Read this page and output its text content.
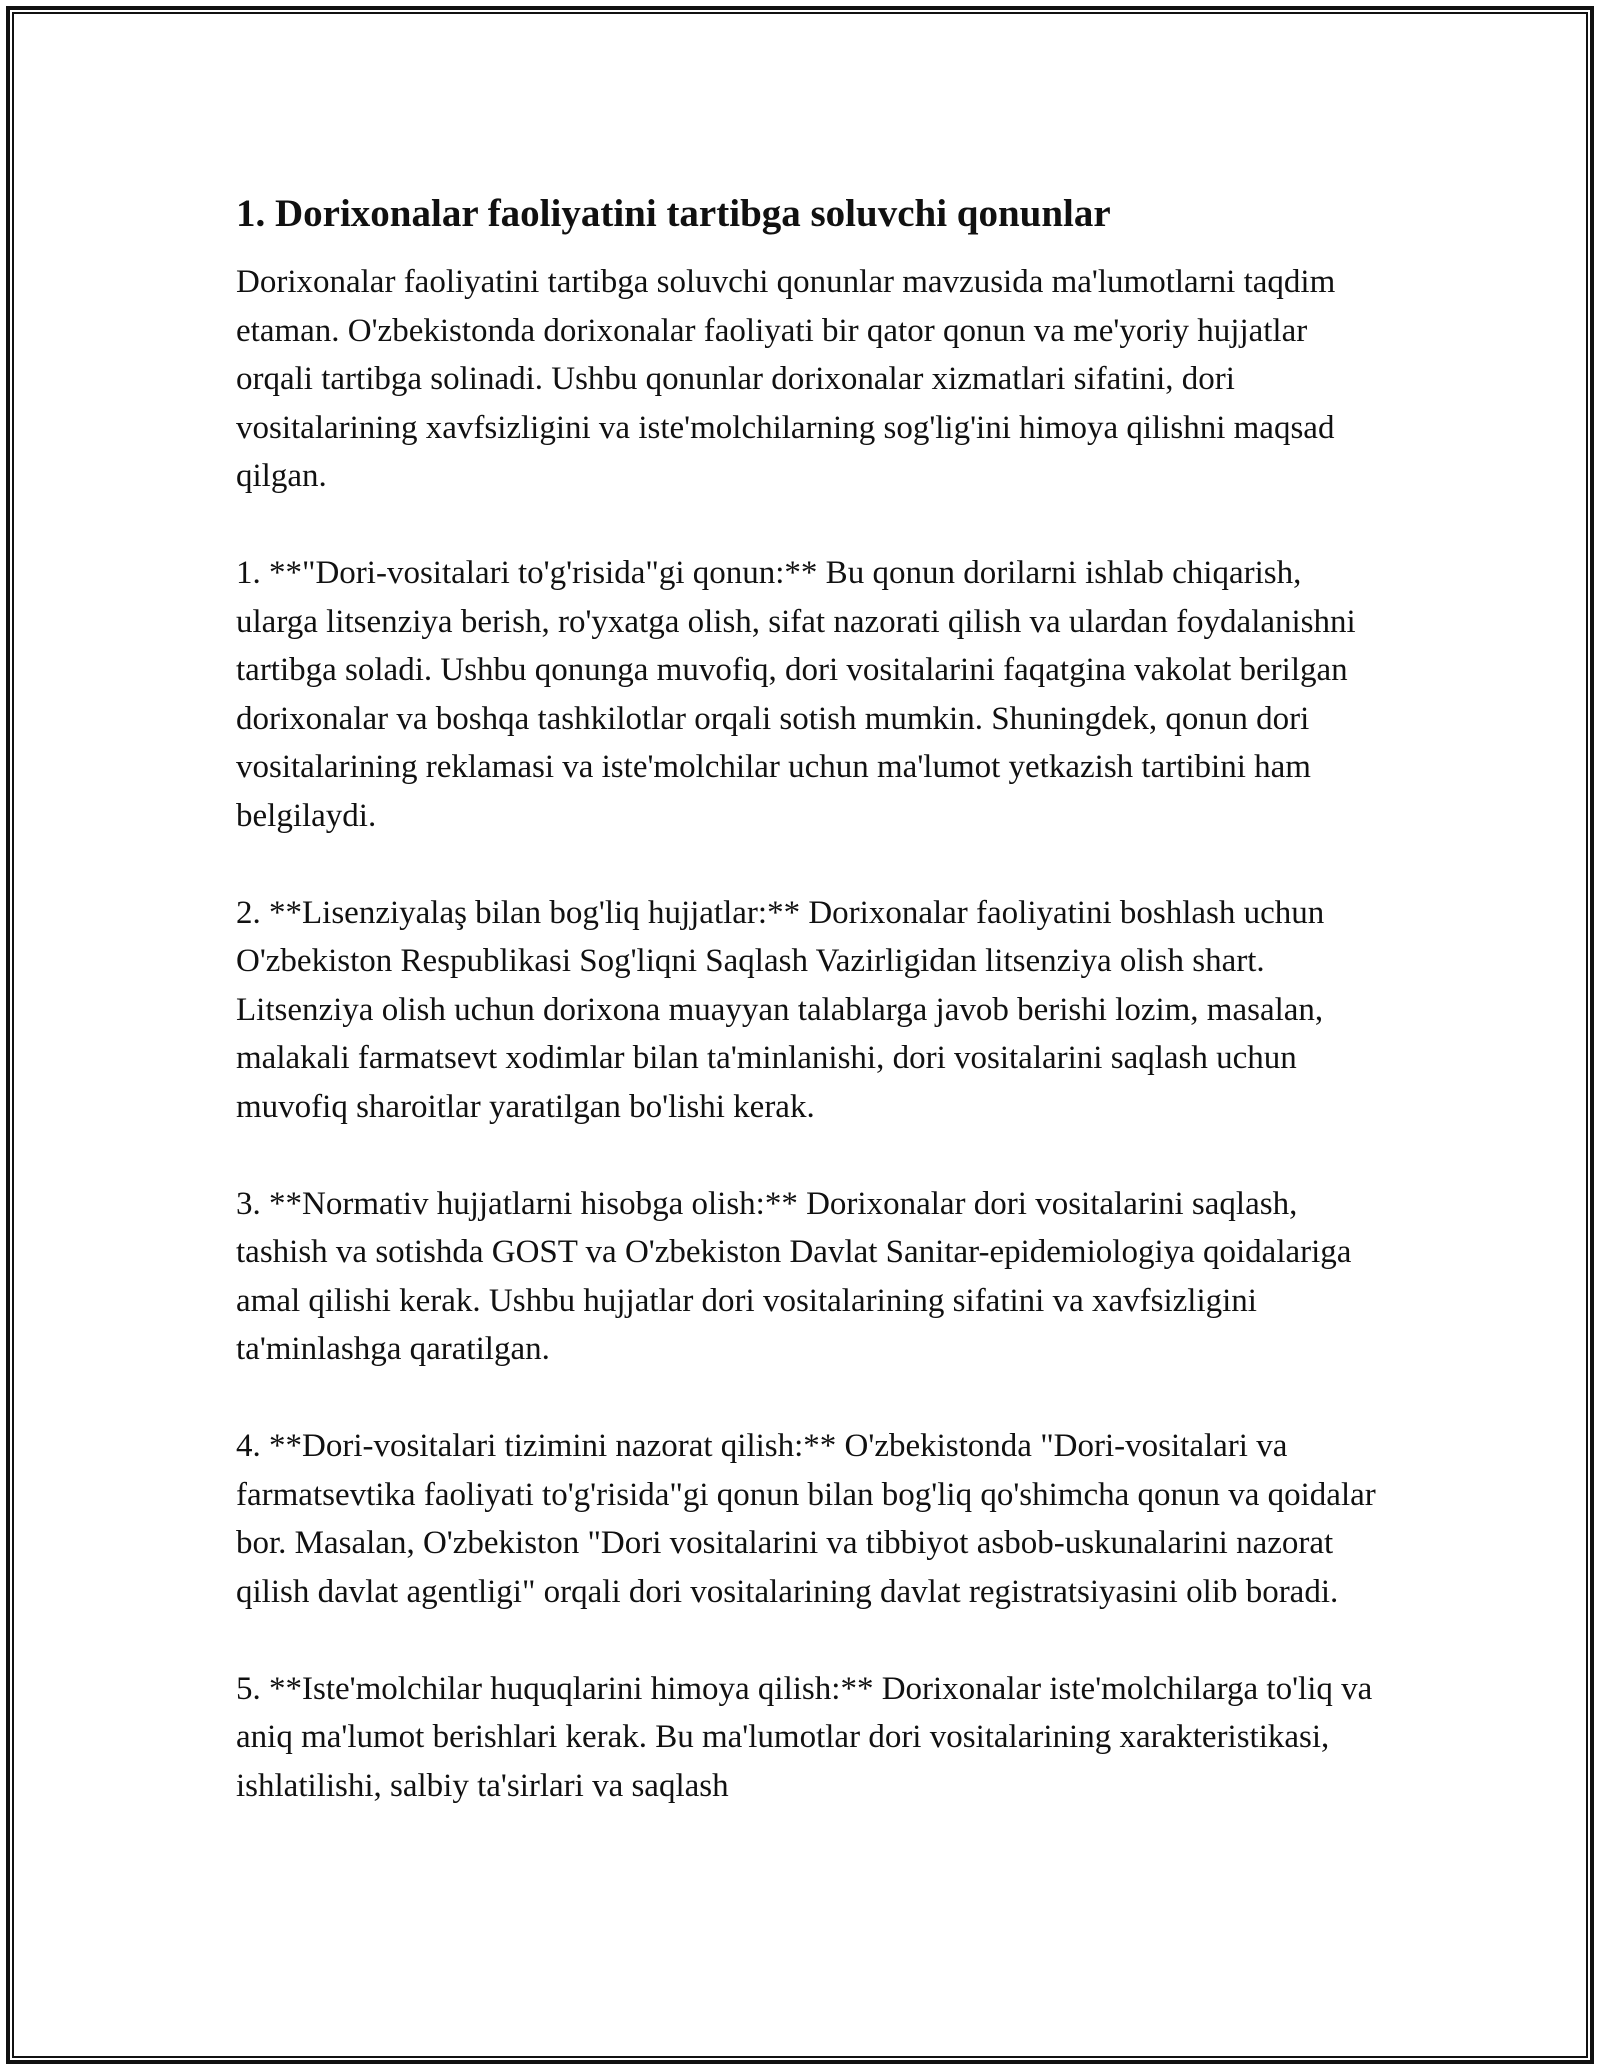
1. Dorixonalar faoliyatini tartibga soluvchi qonunlar

Dorixonalar faoliyatini tartibga soluvchi qonunlar mavzusida ma'lumotlarni taqdim etaman. O'zbekistonda dorixonalar faoliyati bir qator qonun va me'yoriy hujjatlar orqali tartibga solinadi. Ushbu qonunlar dorixonalar xizmatlari sifatini, dori vositalarining xavfsizligini va iste'molchilarning sog'lig'ini himoya qilishni maqsad qilgan.

1. **"Dori-vositalari to'g'risida"gi qonun:** Bu qonun dorilarni ishlab chiqarish, ularga litsenziya berish, ro'yxatga olish, sifat nazorati qilish va ulardan foydalanishni tartibga soladi. Ushbu qonunga muvofiq, dori vositalarini faqatgina vakolat berilgan dorixonalar va boshqa tashkilotlar orqali sotish mumkin. Shuningdek, qonun dori vositalarining reklamasi va iste'molchilar uchun ma'lumot yetkazish tartibini ham belgilaydi.

2. **Lisenziyalaş bilan bog'liq hujjatlar:** Dorixonalar faoliyatini boshlash uchun O'zbekiston Respublikasi Sog'liqni Saqlash Vazirligidan litsenziya olish shart. Litsenziya olish uchun dorixona muayyan talablarga javob berishi lozim, masalan, malakali farmatsevt xodimlar bilan ta'minlanishi, dori vositalarini saqlash uchun muvofiq sharoitlar yaratilgan bo'lishi kerak.

3. **Normativ hujjatlarni hisobga olish:** Dorixonalar dori vositalarini saqlash, tashish va sotishda GOST va O'zbekiston Davlat Sanitar-epidemiologiya qoidalariga amal qilishi kerak. Ushbu hujjatlar dori vositalarining sifatini va xavfsizligini ta'minlashga qaratilgan.

4. **Dori-vositalari tizimini nazorat qilish:** O'zbekistonda "Dori-vositalari va farmatsevtika faoliyati to'g'risida"gi qonun bilan bog'liq qo'shimcha qonun va qoidalar bor. Masalan, O'zbekiston "Dori vositalarini va tibbiyot asbob-uskunalarini nazorat qilish davlat agentligi" orqali dori vositalarining davlat registratsiyasini olib boradi.

5. **Iste'molchilar huquqlarini himoya qilish:** Dorixonalar iste'molchilarga to'liq va aniq ma'lumot berishlari kerak. Bu ma'lumotlar dori vositalarining xarakteristikasi, ishlatilishi, salbiy ta'sirlari va saqlash
